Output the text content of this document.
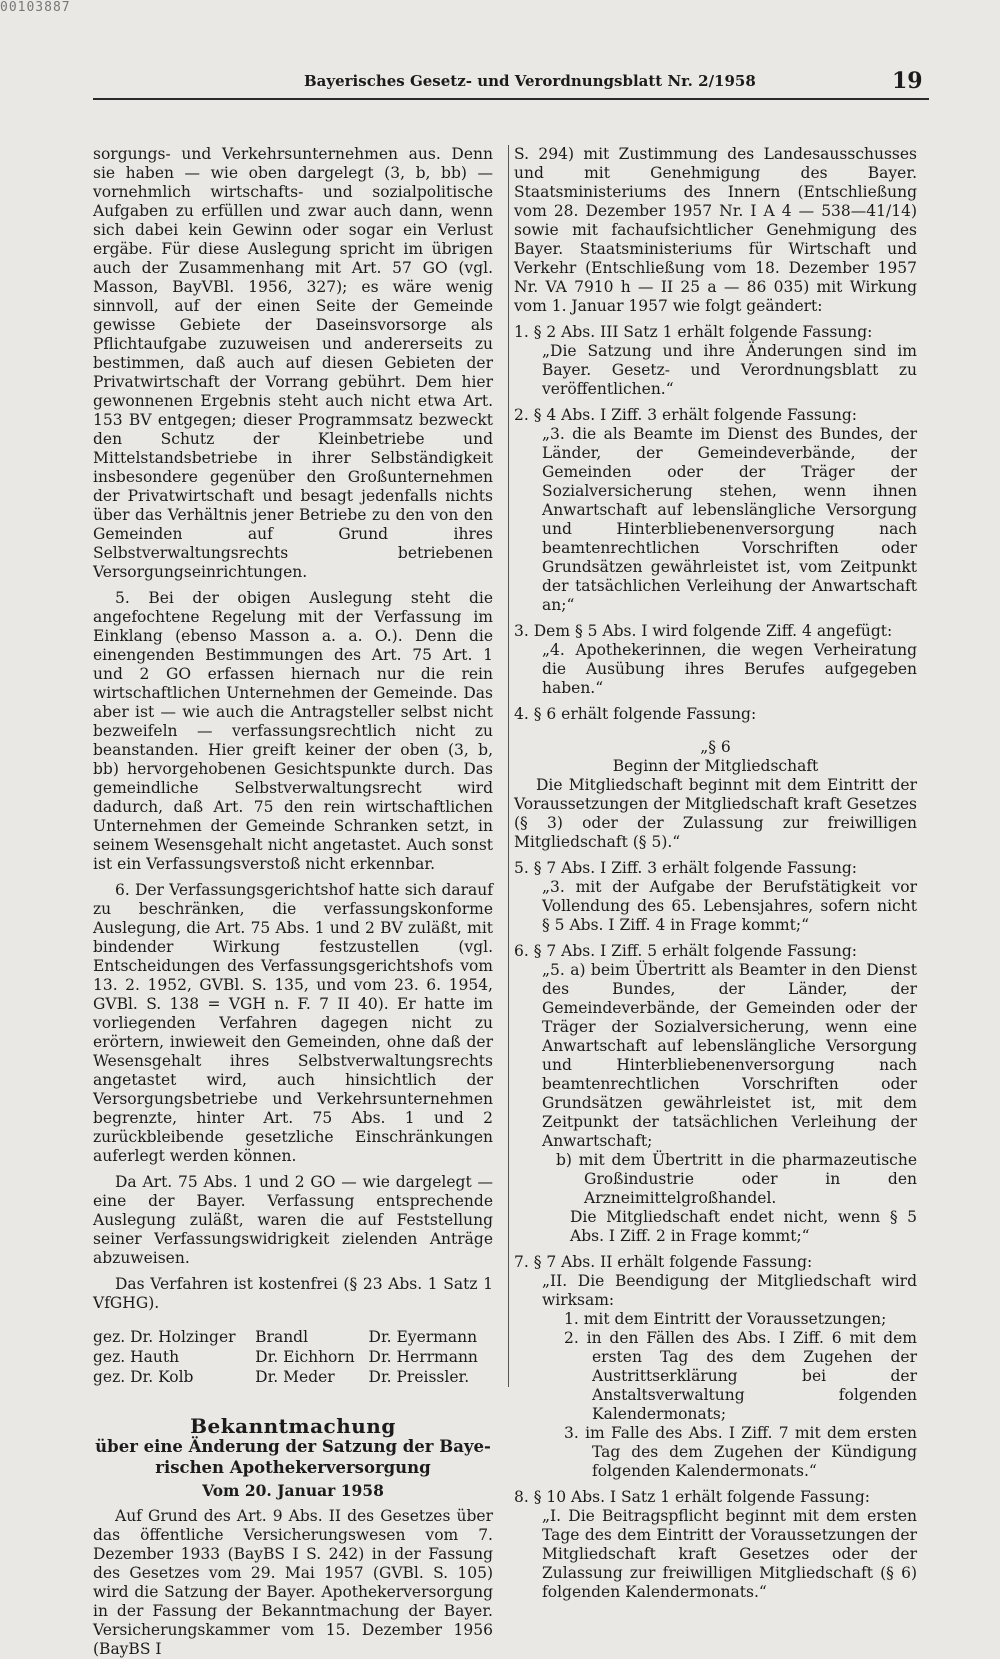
00103887
Bayerisches Gesetz- und Verordnungsblatt Nr. 2/1958	19

sorgungs- und Verkehrsunternehmen aus. Denn sie haben — wie oben dargelegt (3, b, bb) — vornehmlich wirtschafts- und sozialpolitische Aufgaben zu erfüllen und zwar auch dann, wenn sich dabei kein Gewinn oder sogar ein Verlust ergäbe. Für diese Auslegung spricht im übrigen auch der Zusammenhang mit Art. 57 GO (vgl. Masson, BayVBl. 1956, 327); es wäre wenig sinnvoll, auf der einen Seite der Gemeinde gewisse Gebiete der Daseinsvorsorge als Pflichtaufgabe zuzuweisen und andererseits zu bestimmen, daß auch auf diesen Gebieten der Privatwirtschaft der Vorrang gebührt. Dem hier gewonnenen Ergebnis steht auch nicht etwa Art. 153 BV entgegen; dieser Programmsatz bezweckt den Schutz der Kleinbetriebe und Mittelstandsbetriebe in ihrer Selbständigkeit insbesondere gegenüber den Großunternehmen der Privatwirtschaft und besagt jedenfalls nichts über das Verhältnis jener Betriebe zu den von den Gemeinden auf Grund ihres Selbstverwaltungsrechts betriebenen Versorgungseinrichtungen.

5. Bei der obigen Auslegung steht die angefochtene Regelung mit der Verfassung im Einklang (ebenso Masson a. a. O.). Denn die einengenden Bestimmungen des Art. 75 Art. 1 und 2 GO erfassen hiernach nur die rein wirtschaftlichen Unternehmen der Gemeinde. Das aber ist — wie auch die Antragsteller selbst nicht bezweifeln — verfassungsrechtlich nicht zu beanstanden. Hier greift keiner der oben (3, b, bb) hervorgehobenen Gesichtspunkte durch. Das gemeindliche Selbstverwaltungsrecht wird dadurch, daß Art. 75 den rein wirtschaftlichen Unternehmen der Gemeinde Schranken setzt, in seinem Wesensgehalt nicht angetastet. Auch sonst ist ein Verfassungsverstoß nicht erkennbar.

6. Der Verfassungsgerichtshof hatte sich darauf zu beschränken, die verfassungskonforme Auslegung, die Art. 75 Abs. 1 und 2 BV zuläßt, mit bindender Wirkung festzustellen (vgl. Entscheidungen des Verfassungsgerichtshofs vom 13. 2. 1952, GVBl. S. 135, und vom 23. 6. 1954, GVBl. S. 138 = VGH n. F. 7 II 40). Er hatte im vorliegenden Verfahren dagegen nicht zu erörtern, inwieweit den Gemeinden, ohne daß der Wesensgehalt ihres Selbstverwaltungsrechts angetastet wird, auch hinsichtlich der Versorgungsbetriebe und Verkehrsunternehmen begrenzte, hinter Art. 75 Abs. 1 und 2 zurückbleibende gesetzliche Einschränkungen auferlegt werden können.

Da Art. 75 Abs. 1 und 2 GO — wie dargelegt — eine der Bayer. Verfassung entsprechende Auslegung zuläßt, waren die auf Feststellung seiner Verfassungswidrigkeit zielenden Anträge abzuweisen.

Das Verfahren ist kostenfrei (§ 23 Abs. 1 Satz 1 VfGHG).

gez. Dr. Holzinger	Brandl	Dr. Eyermann
gez. Hauth	Dr. Eichhorn	Dr. Herrmann
gez. Dr. Kolb	Dr. Meder	Dr. Preissler.

Bekanntmachung

über eine Änderung der Satzung der Baye-

rischen Apothekerversorgung

Vom 20. Januar 1958

Auf Grund des Art. 9 Abs. II des Gesetzes über das öffentliche Versicherungswesen vom 7. Dezember 1933 (BayBS I S. 242) in der Fassung des Gesetzes vom 29. Mai 1957 (GVBl. S. 105) wird die Satzung der Bayer. Apothekerversorgung in der Fassung der Bekanntmachung der Bayer. Versicherungskammer vom 15. Dezember 1956 (BayBS I

S. 294) mit Zustimmung des Landesausschusses und mit Genehmigung des Bayer. Staatsministeriums des Innern (Entschließung vom 28. Dezember 1957 Nr. I A 4 — 538—41/14) sowie mit fachaufsichtlicher Genehmigung des Bayer. Staatsministeriums für Wirtschaft und Verkehr (Entschließung vom 18. Dezember 1957 Nr. VA 7910 h — II 25 a — 86 035) mit Wirkung vom 1. Januar 1957 wie folgt geändert:

1. § 2 Abs. III Satz 1 erhält folgende Fassung:

„Die Satzung und ihre Änderungen sind im Bayer. Gesetz- und Verordnungsblatt zu veröffentlichen.“

2. § 4 Abs. I Ziff. 3 erhält folgende Fassung:

„3. die als Beamte im Dienst des Bundes, der Länder, der Gemeindeverbände, der Gemeinden oder der Träger der Sozialversicherung stehen, wenn ihnen Anwartschaft auf lebenslängliche Versorgung und Hinterbliebenenversorgung nach beamtenrechtlichen Vorschriften oder Grundsätzen gewährleistet ist, vom Zeitpunkt der tatsächlichen Verleihung der Anwartschaft an;“

3. Dem § 5 Abs. I wird folgende Ziff. 4 angefügt:

„4. Apothekerinnen, die wegen Verheiratung die Ausübung ihres Berufes aufgegeben haben.“

4. § 6 erhält folgende Fassung:

„§ 6

Beginn der Mitgliedschaft

Die Mitgliedschaft beginnt mit dem Eintritt der Voraussetzungen der Mitgliedschaft kraft Gesetzes (§ 3) oder der Zulassung zur freiwilligen Mitgliedschaft (§ 5).“

5. § 7 Abs. I Ziff. 3 erhält folgende Fassung:

„3. mit der Aufgabe der Berufstätigkeit vor Vollendung des 65. Lebensjahres, sofern nicht § 5 Abs. I Ziff. 4 in Frage kommt;“

6. § 7 Abs. I Ziff. 5 erhält folgende Fassung:

„5. a) beim Übertritt als Beamter in den Dienst des Bundes, der Länder, der Gemeindeverbände, der Gemeinden oder der Träger der Sozialversicherung, wenn eine Anwartschaft auf lebenslängliche Versorgung und Hinterbliebenenversorgung nach beamtenrechtlichen Vorschriften oder Grundsätzen gewährleistet ist, mit dem Zeitpunkt der tatsächlichen Verleihung der Anwartschaft;

b) mit dem Übertritt in die pharmazeutische Großindustrie oder in den Arzneimittelgroßhandel.

Die Mitgliedschaft endet nicht, wenn § 5 Abs. I Ziff. 2 in Frage kommt;“

7. § 7 Abs. II erhält folgende Fassung:

„II. Die Beendigung der Mitgliedschaft wird wirksam:

1. mit dem Eintritt der Voraussetzungen;

2. in den Fällen des Abs. I Ziff. 6 mit dem ersten Tag des dem Zugehen der Austrittserklärung bei der Anstaltsverwaltung folgenden Kalendermonats;

3. im Falle des Abs. I Ziff. 7 mit dem ersten Tag des dem Zugehen der Kündigung folgenden Kalendermonats.“

8. § 10 Abs. I Satz 1 erhält folgende Fassung:

„I. Die Beitragspflicht beginnt mit dem ersten Tage des dem Eintritt der Voraussetzungen der Mitgliedschaft kraft Gesetzes oder der Zulassung zur freiwilligen Mitgliedschaft (§ 6) folgenden Kalendermonats.“
